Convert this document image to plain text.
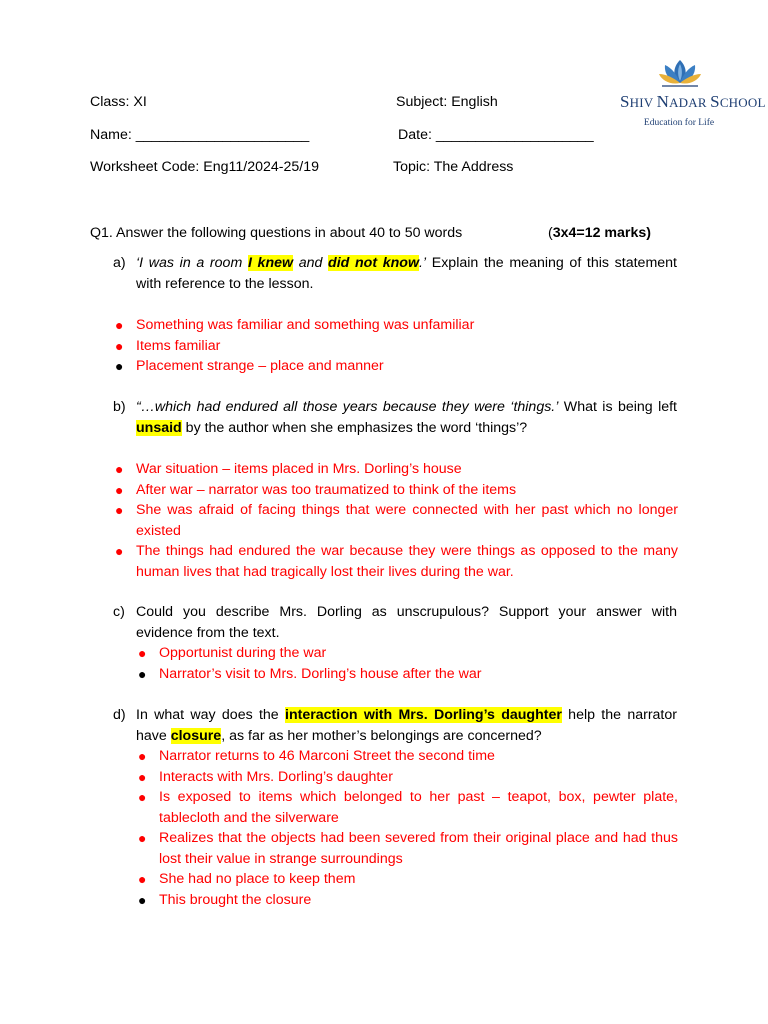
Class: XI	Subject: English
Name: ______________________	Date: ____________________
Worksheet Code: Eng11/2024-25/19	Topic: The Address
SHIV NADAR SCHOOL
Education for Life
Q1. Answer the following questions in about 40 to 50 words	(3x4=12 marks)
a) ‘I was in a room I knew and did not know.’ Explain the meaning of this statement with reference to the lesson.
● Something was familiar and something was unfamiliar
● Items familiar
● Placement strange – place and manner
b) “…which had endured all those years because they were ‘things.’ What is being left unsaid by the author when she emphasizes the word ‘things’?
● War situation – items placed in Mrs. Dorling’s house
● After war – narrator was too traumatized to think of the items
● She was afraid of facing things that were connected with her past which no longer existed
● The things had endured the war because they were things as opposed to the many human lives that had tragically lost their lives during the war.
c) Could you describe Mrs. Dorling as unscrupulous? Support your answer with evidence from the text.
● Opportunist during the war
● Narrator’s visit to Mrs. Dorling’s house after the war
d) In what way does the interaction with Mrs. Dorling’s daughter help the narrator have closure, as far as her mother’s belongings are concerned?
● Narrator returns to 46 Marconi Street the second time
● Interacts with Mrs. Dorling’s daughter
● Is exposed to items which belonged to her past – teapot, box, pewter plate, tablecloth and the silverware
● Realizes that the objects had been severed from their original place and had thus lost their value in strange surroundings
● She had no place to keep them
● This brought the closure
